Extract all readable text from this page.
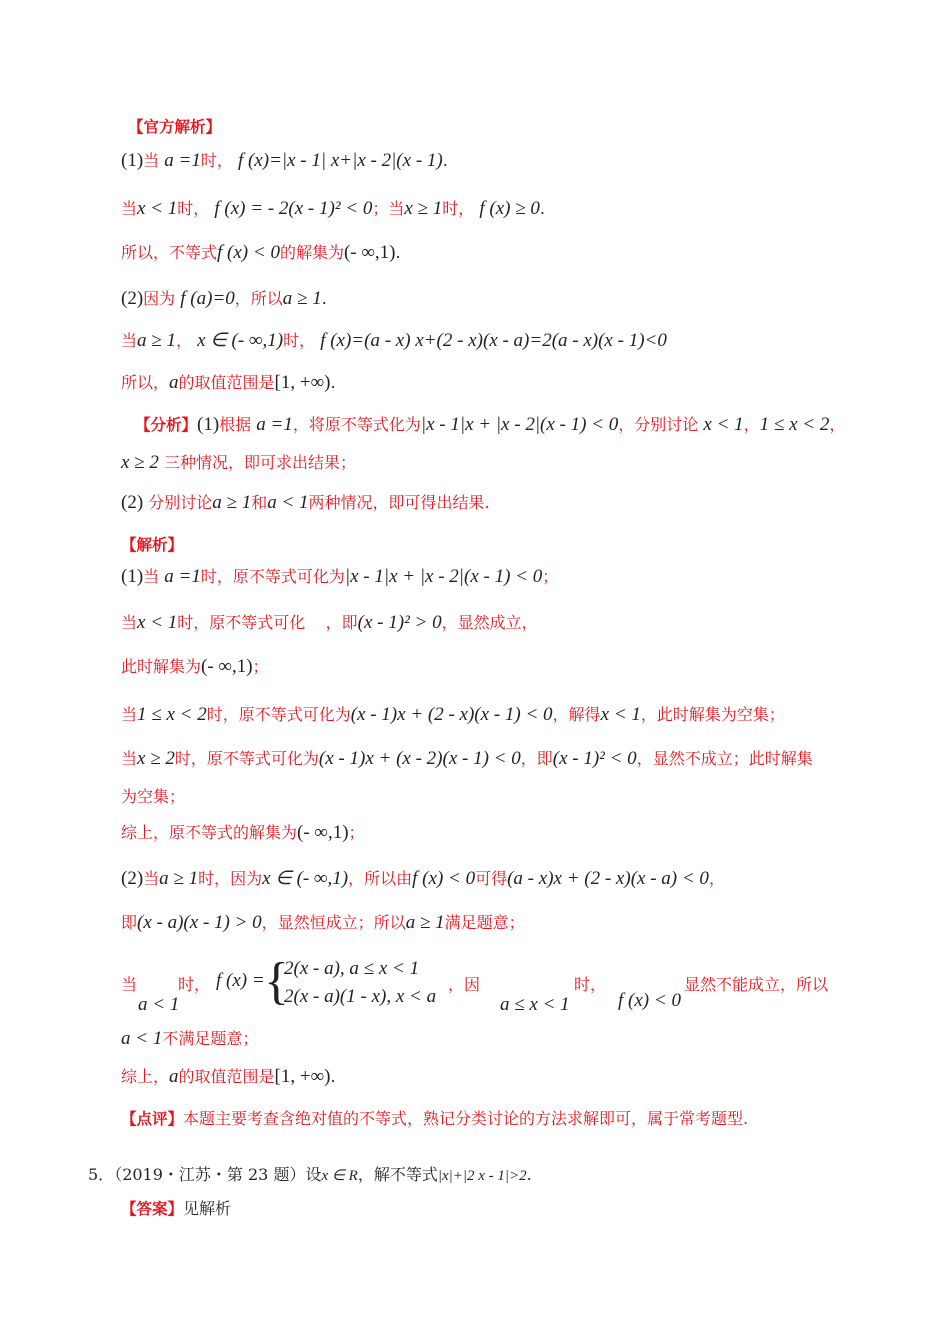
【官方解析】
(1)当 a =1时， f (x)=|x - 1| x+|x - 2|(x - 1).
当x < 1时， f (x) = - 2(x - 1)² < 0；当x ≥ 1时， f (x) ≥ 0.
所以，不等式f (x) < 0的解集为(- ∞,1).
(2)因为 f (a)=0，所以a ≥ 1.
当a ≥ 1， x ∈ (- ∞,1)时， f (x)=(a - x) x+(2 - x)(x - a)=2(a - x)(x - 1)<0
所以，a的取值范围是[1, +∞).
【分析】(1)根据 a =1，将原不等式化为|x - 1|x + |x - 2|(x - 1) < 0，分别讨论 x < 1，1 ≤ x < 2，
x ≥ 2 三种情况，即可求出结果；
(2) 分别讨论a ≥ 1和a < 1两种情况，即可得出结果.
【解析】
(1)当 a =1时，原不等式可化为|x - 1|x + |x - 2|(x - 1) < 0；
当x < 1时，原不等式可化 ，即(x - 1)² > 0，显然成立，
此时解集为(- ∞,1)；
当1 ≤ x < 2时，原不等式可化为(x - 1)x + (2 - x)(x - 1) < 0，解得x < 1，此时解集为空集；
当x ≥ 2时，原不等式可化为(x - 1)x + (x - 2)(x - 1) < 0，即(x - 1)² < 0，显然不成立；此时解集
为空集；
综上，原不等式的解集为(- ∞,1)；
(2)当a ≥ 1时，因为x ∈ (- ∞,1)，所以由f (x) < 0可得(a - x)x + (2 - x)(x - a) < 0，
即(x - a)(x - 1) > 0，显然恒成立；所以a ≥ 1满足题意；
当
a < 1
时， f (x) = {
2(x - a), a ≤ x < 1
2(x - a)(1 - x), x < a
，因
a ≤ x < 1
时，
f (x) < 0
显然不能成立，所以
a < 1不满足题意；
综上，a的取值范围是[1, +∞).
【点评】本题主要考查含绝对值的不等式，熟记分类讨论的方法求解即可，属于常考题型.
5．（2019・江苏・第 23 题）设x ∈ R，解不等式|x|+|2 x - 1|>2.
【答案】见解析
